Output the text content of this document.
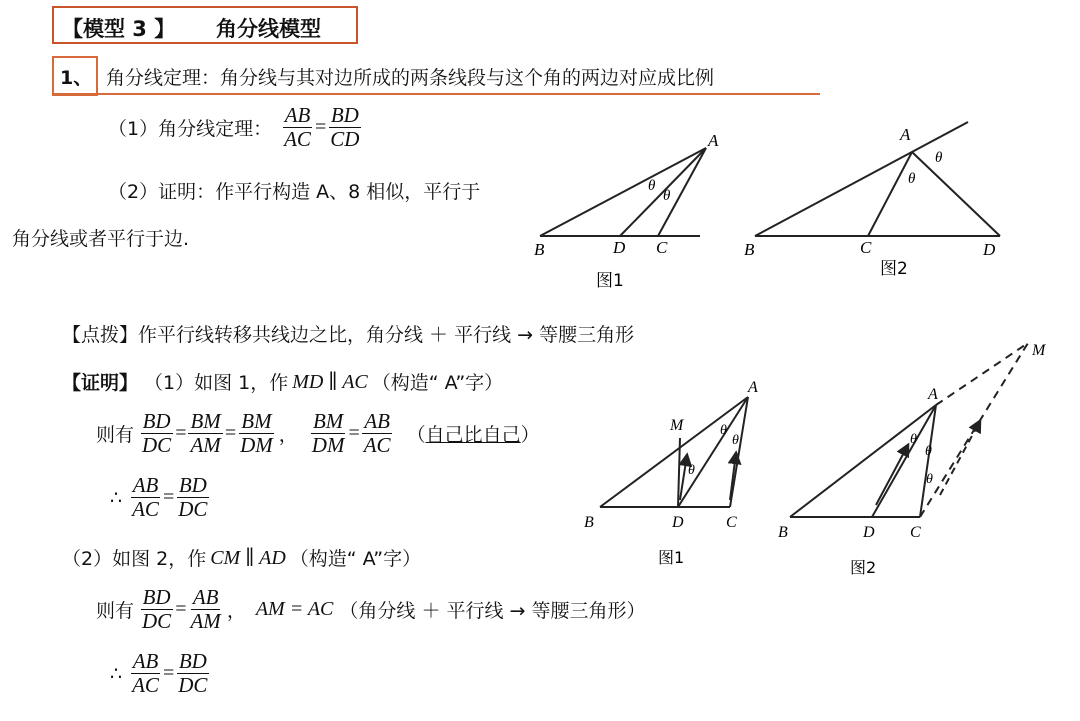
【模型 3 】 角分线模型
1、 角分线定理：角分线与其对边所成的两条线段与这个角的两边对应成比例
（1）角分线定理： $\frac{AB}{AC} = \frac{BD}{CD}$
（2）证明：作平行构造 A、8 相似，平行于
角分线或者平行于边.
A
B	D C
θ
θ
图1
A
B	C	D
θ
θ
图2
【点拨】作平行线转移共线边之比，角分线 ＋ 平行线 → 等腰三角形
【证明】 （1）如图 1，作 MD ∥ AC （构造“ A”字）
则有 $\frac{BD}{DC} = \frac{BM}{AM} = \frac{BM}{DM}$ ， $\frac{BM}{DM} = \frac{AB}{AC}$ （ 自己比自己 ）
∴ $\frac{AB}{AC} = \frac{BD}{DC}$
（2）如图 2，作 CM ∥ AD （构造“ A”字）
则有 $\frac{BD}{DC} = \frac{AB}{AM}$ ， AM = AC （角分线 ＋ 平行线 → 等腰三角形）
∴ $\frac{AB}{AC} = \frac{BD}{DC}$
A
M
B	D	C
θ
θ
θ
图1
A
M
B	D C
θ
θ
θ
图2
